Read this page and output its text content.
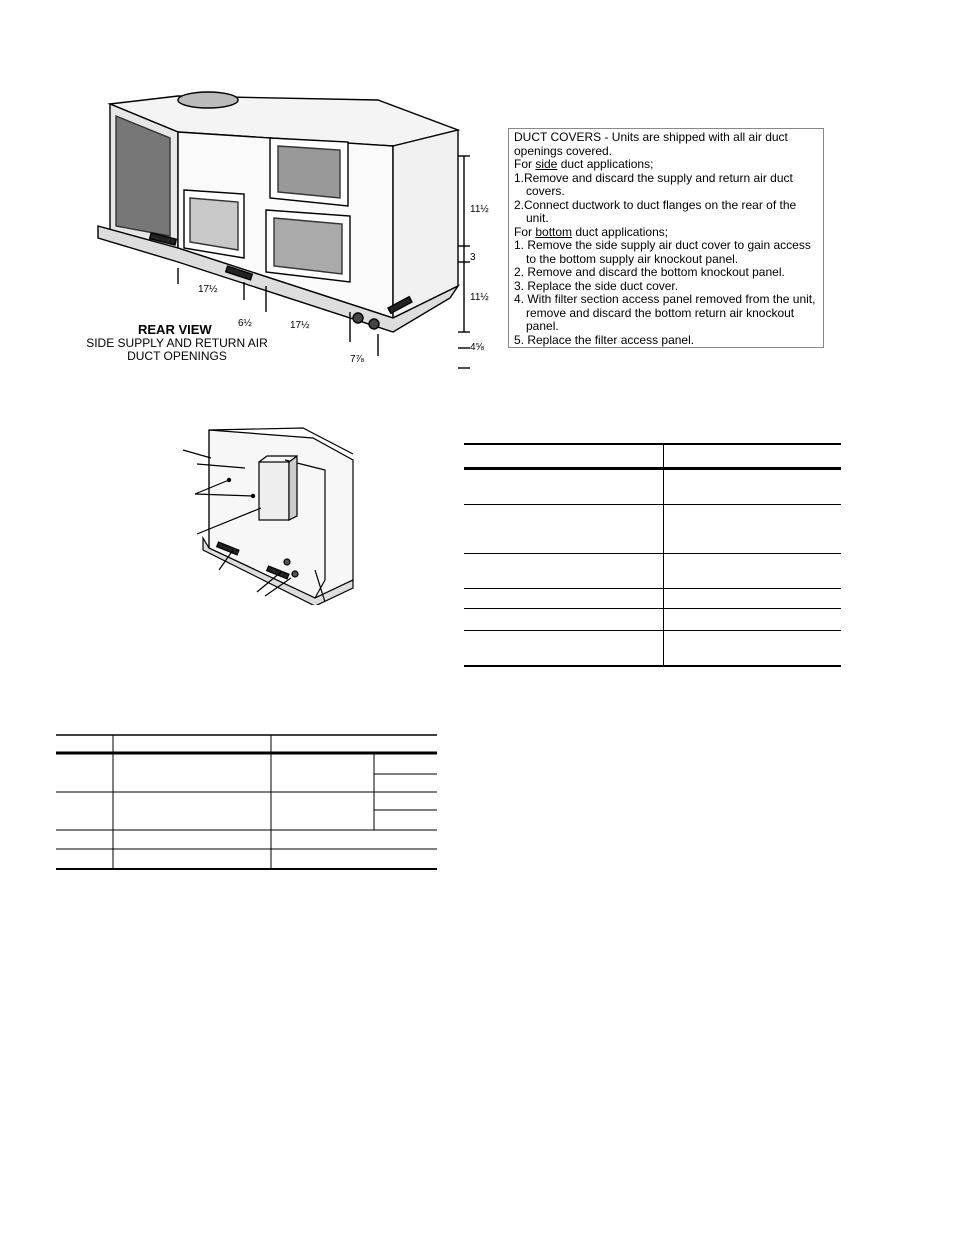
17½
6½	17½
7⅞
11½
3
11½
4⅝
REAR VIEW
SIDE SUPPLY AND RETURN AIR
DUCT OPENINGS

DUCT COVERS - Units are shipped with all air duct openings covered.

For side duct applications;

1.Remove and discard the supply and return air duct covers.

2.Connect ductwork to duct flanges on the rear of the unit.

For bottom duct applications;

1. Remove the side supply air duct cover to gain access to the bottom supply air knockout panel.

2. Remove and discard the bottom knockout panel.

3. Replace the side duct cover.

4. With filter section access panel removed from the unit, remove and discard the bottom return air knockout panel.

5. Replace the filter access panel.
